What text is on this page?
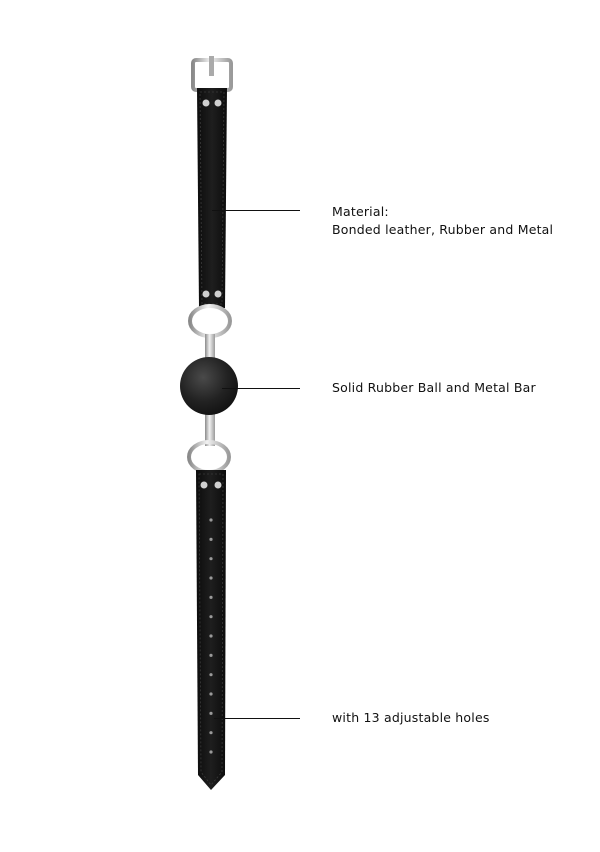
Material:
Bonded leather, Rubber and Metal
Solid Rubber Ball and Metal Bar
with 13 adjustable holes
